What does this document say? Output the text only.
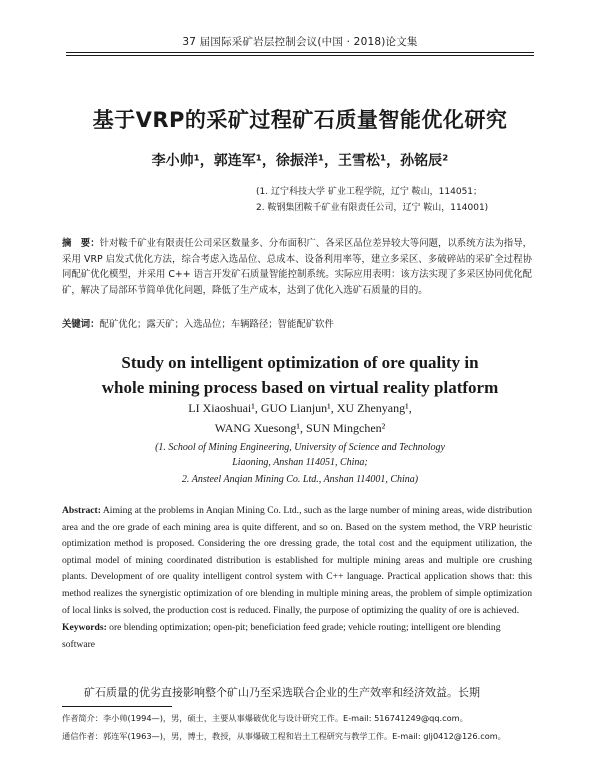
37 届国际采矿岩层控制会议(中国 · 2018)论文集
基于VRP的采矿过程矿石质量智能优化研究
李小帅¹，郭连军¹，徐振洋¹，王雪松¹，孙铭辰²
(1. 辽宁科技大学 矿业工程学院，辽宁 鞍山，114051；
2. 鞍钢集团鞍千矿业有限责任公司，辽宁 鞍山，114001)
摘　要：针对鞍千矿业有限责任公司采区数量多、分布面积广、各采区品位差异较大等问题，以系统方法为指导，采用 VRP 启发式优化方法，综合考虑入选品位、总成本、设备利用率等，建立多采区、多破碎站的采矿全过程协同配矿优化模型，并采用 C++ 语言开发矿石质量智能控制系统。实际应用表明：该方法实现了多采区协同优化配矿，解决了局部环节简单优化问题，降低了生产成本，达到了优化入选矿石质量的目的。
关键词：配矿优化；露天矿；入选品位；车辆路径；智能配矿软件
Study on intelligent optimization of ore quality in
whole mining process based on virtual reality platform
LI Xiaoshuai¹, GUO Lianjun¹, XU Zhenyang¹,
WANG Xuesong¹, SUN Mingchen²
(1. School of Mining Engineering, University of Science and Technology
Liaoning, Anshan 114051, China;
2. Ansteel Anqian Mining Co. Ltd., Anshan 114001, China)
Abstract: Aiming at the problems in Anqian Mining Co. Ltd., such as the large number of mining areas, wide distribution area and the ore grade of each mining area is quite different, and so on. Based on the system method, the VRP heuristic optimization method is proposed. Considering the ore dressing grade, the total cost and the equipment utilization, the optimal model of mining coordinated distribution is established for multiple mining areas and multiple ore crushing plants. Development of ore quality intelligent control system with C++ language. Practical application shows that: this method realizes the synergistic optimization of ore blending in multiple mining areas, the problem of simple optimization of local links is solved, the production cost is reduced. Finally, the purpose of optimizing the quality of ore is achieved.
Keywords: ore blending optimization; open-pit; beneficiation feed grade; vehicle routing; intelligent ore blending software
矿石质量的优劣直接影响整个矿山乃至采选联合企业的生产效率和经济效益。长期
作者简介：李小帅(1994—)，男，硕士，主要从事爆破优化与设计研究工作。E-mail: 516741249@qq.com。
通信作者：郭连军(1963—)，男，博士，教授，从事爆破工程和岩土工程研究与教学工作。E-mail: glj0412@126.com。
